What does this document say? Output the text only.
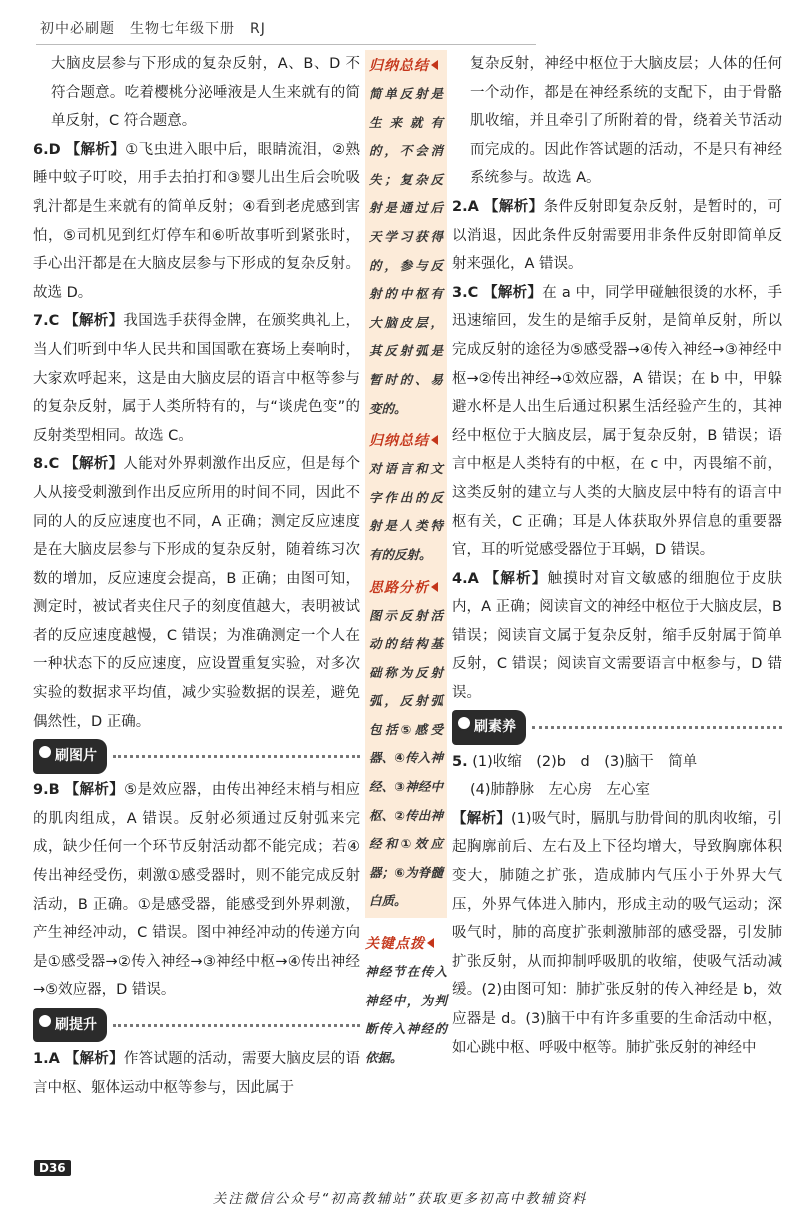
初中必刷题　生物七年级下册　RJ

大脑皮层参与下形成的复杂反射，A、B、D 不符合题意。吃着樱桃分泌唾液是人生来就有的简单反射，C 符合题意。

6.D 【解析】①飞虫进入眼中后，眼睛流泪，②熟睡中蚊子叮咬，用手去拍打和③婴儿出生后会吮吸乳汁都是生来就有的简单反射；④看到老虎感到害怕，⑤司机见到红灯停车和⑥听故事听到紧张时，手心出汗都是在大脑皮层参与下形成的复杂反射。故选 D。

7.C 【解析】我国选手获得金牌，在颁奖典礼上，当人们听到中华人民共和国国歌在赛场上奏响时，大家欢呼起来，这是由大脑皮层的语言中枢等参与的复杂反射，属于人类所特有的，与“谈虎色变”的反射类型相同。故选 C。

8.C 【解析】人能对外界刺激作出反应，但是每个人从接受刺激到作出反应所用的时间不同，因此不同的人的反应速度也不同，A 正确；测定反应速度是在大脑皮层参与下形成的复杂反射，随着练习次数的增加，反应速度会提高，B 正确；由图可知，测定时，被试者夹住尺子的刻度值越大，表明被试者的反应速度越慢，C 错误；为准确测定一个人在一种状态下的反应速度，应设置重复实验，对多次实验的数据求平均值，减少实验数据的误差，避免偶然性，D 正确。

刷图片

9.B 【解析】⑤是效应器，由传出神经末梢与相应的肌肉组成，A 错误。反射必须通过反射弧来完成，缺少任何一个环节反射活动都不能完成；若④传出神经受伤，刺激①感受器时，则不能完成反射活动，B 正确。①是感受器，能感受到外界刺激，产生神经冲动，C 错误。图中神经冲动的传递方向是①感受器→②传入神经→③神经中枢→④传出神经→⑤效应器，D 错误。

刷提升

1.A 【解析】作答试题的活动，需要大脑皮层的语言中枢、躯体运动中枢等参与，因此属于

归纳总结

简单反射是生来就有的，不会消失；复杂反射是通过后天学习获得的，参与反射的中枢有大脑皮层，其反射弧是暂时的、易变的。

归纳总结

对语言和文字作出的反射是人类特有的反射。

思路分析

图示反射活动的结构基础称为反射弧，反射弧包括⑤感受器、④传入神经、③神经中枢、②传出神经和①效应器；⑥为脊髓白质。

关键点拨

神经节在传入神经中，为判断传入神经的依据。

复杂反射，神经中枢位于大脑皮层；人体的任何一个动作，都是在神经系统的支配下，由于骨骼肌收缩，并且牵引了所附着的骨，绕着关节活动而完成的。因此作答试题的活动，不是只有神经系统参与。故选 A。

2.A 【解析】条件反射即复杂反射，是暂时的，可以消退，因此条件反射需要用非条件反射即简单反射来强化，A 错误。

3.C 【解析】在 a 中，同学甲碰触很烫的水杯，手迅速缩回，发生的是缩手反射，是简单反射，所以完成反射的途径为⑤感受器→④传入神经→③神经中枢→②传出神经→①效应器，A 错误；在 b 中，甲躲避水杯是人出生后通过积累生活经验产生的，其神经中枢位于大脑皮层，属于复杂反射，B 错误；语言中枢是人类特有的中枢，在 c 中，丙畏缩不前，这类反射的建立与人类的大脑皮层中特有的语言中枢有关，C 正确；耳是人体获取外界信息的重要器官，耳的听觉感受器位于耳蜗，D 错误。

4.A 【解析】触摸时对盲文敏感的细胞位于皮肤内，A 正确；阅读盲文的神经中枢位于大脑皮层，B 错误；阅读盲文属于复杂反射，缩手反射属于简单反射，C 错误；阅读盲文需要语言中枢参与，D 错误。

刷素养

5. (1)收缩　(2)b　d　(3)脑干　简单

(4)肺静脉　左心房　左心室

【解析】(1)吸气时，膈肌与肋骨间的肌肉收缩，引起胸廓前后、左右及上下径均增大，导致胸廓体积变大，肺随之扩张，造成肺内气压小于外界大气压，外界气体进入肺内，形成主动的吸气运动；深吸气时，肺的高度扩张刺激肺部的感受器，引发肺扩张反射，从而抑制呼吸肌的收缩，使吸气活动减缓。(2)由图可知：肺扩张反射的传入神经是 b，效应器是 d。(3)脑干中有许多重要的生命活动中枢，如心跳中枢、呼吸中枢等。肺扩张反射的神经中

D36
关注微信公众号“初高教辅站”获取更多初高中教辅资料
